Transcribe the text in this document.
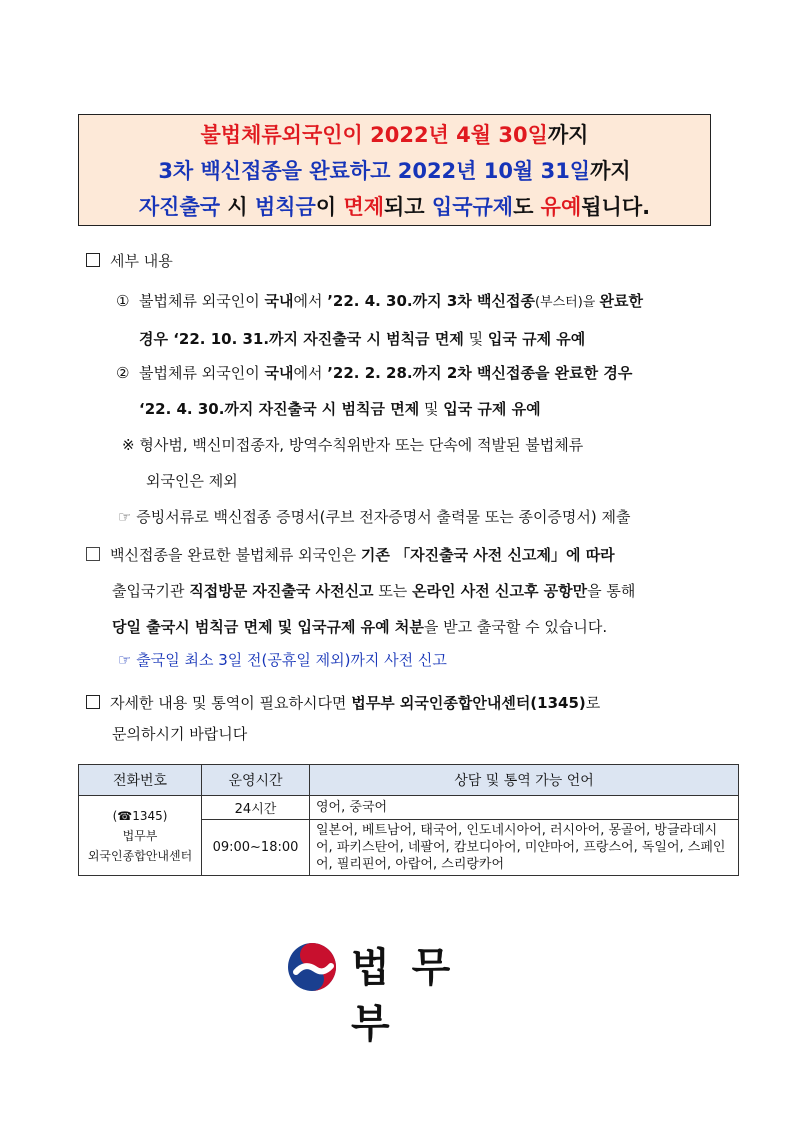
불법체류외국인이 2022년 4월 30일까지
3차 백신접종을 완료하고 2022년 10월 31일까지
자진출국 시 범칙금이 면제되고 입국규제도 유예됩니다.
세부 내용
① 불법체류 외국인이 국내에서 ’22. 4. 30.까지 3차 백신접종(부스터)을 완료한
경우 ‘22. 10. 31.까지 자진출국 시 범칙금 면제 및 입국 규제 유예
② 불법체류 외국인이 국내에서 ’22. 2. 28.까지 2차 백신접종을 완료한 경우
‘22. 4. 30.까지 자진출국 시 범칙금 면제 및 입국 규제 유예
※ 형사범, 백신미접종자, 방역수칙위반자 또는 단속에 적발된 불법체류
외국인은 제외
☞ 증빙서류로 백신접종 증명서(쿠브 전자증명서 출력물 또는 종이증명서) 제출
백신접종을 완료한 불법체류 외국인은 기존 「자진출국 사전 신고제」에 따라
출입국기관 직접방문 자진출국 사전신고 또는 온라인 사전 신고후 공항만을 통해
당일 출국시 범칙금 면제 및 입국규제 유예 처분을 받고 출국할 수 있습니다.
☞ 출국일 최소 3일 전(공휴일 제외)까지 사전 신고
자세한 내용 및 통역이 필요하시다면 법무부 외국인종합안내센터(1345)로
문의하시기 바랍니다
전화번호	운영시간	상담 및 통역 가능 언어

(☎1345)
법무부
외국인종합안내센터	24시간	영어, 중국어
	09:00~18:00	일본어, 베트남어, 태국어, 인도네시아어, 러시아어, 몽골어, 방글라데시어, 파키스탄어, 네팔어, 캄보디아어, 미얀마어, 프랑스어, 독일어, 스페인어, 필리핀어, 아랍어, 스리랑카어
법무부
